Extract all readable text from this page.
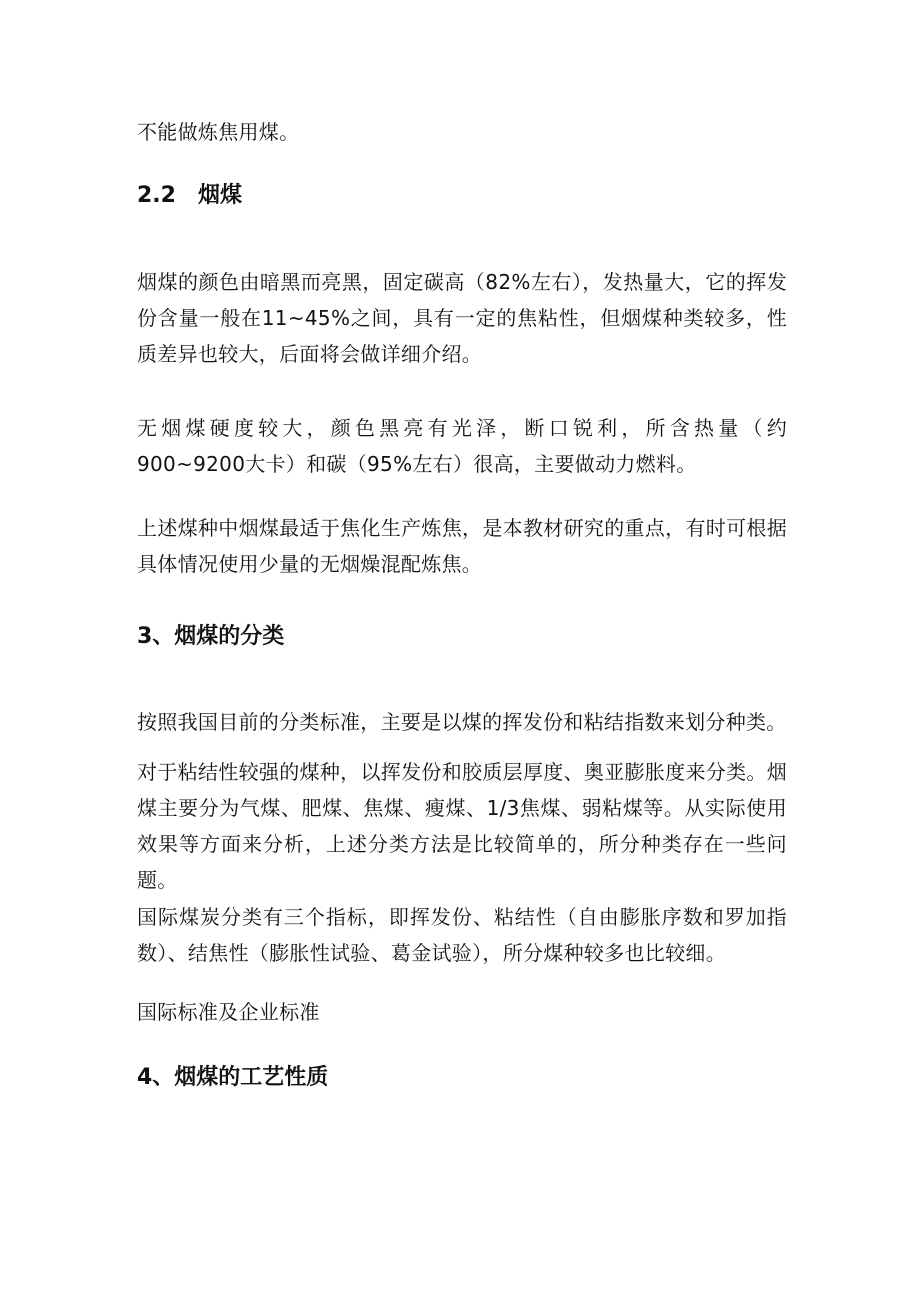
不能做炼焦用煤。

2.2 烟煤

烟煤的颜色由暗黑而亮黑，固定碳高（82%左右），发热量大，它的挥发份含量一般在11~45%之间，具有一定的焦粘性，但烟煤种类较多，性质差异也较大，后面将会做详细介绍。

无烟煤硬度较大，颜色黑亮有光泽，断口锐利，所含热量（约900~9200大卡）和碳（95%左右）很高，主要做动力燃料。

上述煤种中烟煤最适于焦化生产炼焦，是本教材研究的重点，有时可根据具体情况使用少量的无烟燥混配炼焦。

3、烟煤的分类

按照我国目前的分类标准，主要是以煤的挥发份和粘结指数来划分种类。

对于粘结性较强的煤种，以挥发份和胶质层厚度、奥亚膨胀度来分类。烟煤主要分为气煤、肥煤、焦煤、瘦煤、1/3焦煤、弱粘煤等。从实际使用效果等方面来分析，上述分类方法是比较简单的，所分种类存在一些问题。

国际煤炭分类有三个指标，即挥发份、粘结性（自由膨胀序数和罗加指数）、结焦性（膨胀性试验、葛金试验），所分煤种较多也比较细。

国际标准及企业标准

4、烟煤的工艺性质
